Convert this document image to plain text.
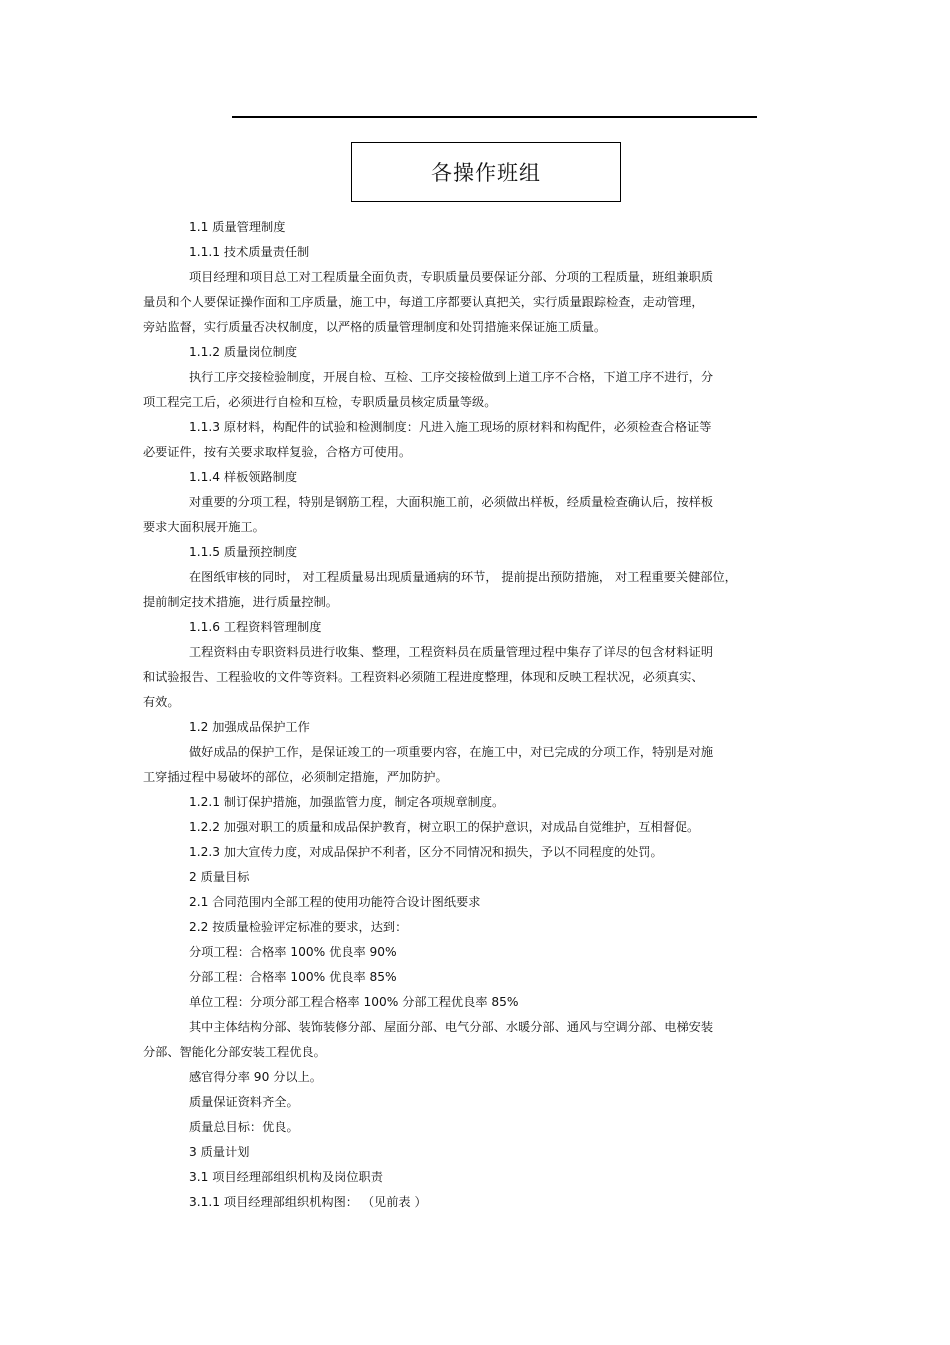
各操作班组
1.1 质量管理制度
1.1.1 技术质量责任制
项目经理和项目总工对工程质量全面负责，专职质量员要保证分部、分项的工程质量，班组兼职质
量员和个人要保证操作面和工序质量，施工中，每道工序都要认真把关，实行质量跟踪检查，走动管理，
旁站监督，实行质量否决权制度，以严格的质量管理制度和处罚措施来保证施工质量。
1.1.2 质量岗位制度
执行工序交接检验制度，开展自检、互检、工序交接检做到上道工序不合格，下道工序不进行，分
项工程完工后，必须进行自检和互检，专职质量员核定质量等级。
1.1.3 原材料，构配件的试验和检测制度：凡进入施工现场的原材料和构配件，必须检查合格证等
必要证件，按有关要求取样复验，合格方可使用。
1.1.4 样板领路制度
对重要的分项工程，特别是钢筋工程，大面积施工前，必须做出样板，经质量检查确认后，按样板
要求大面积展开施工。
1.1.5 质量预控制度
在图纸审核的同时， 对工程质量易出现质量通病的环节， 提前提出预防措施， 对工程重要关健部位，
提前制定技术措施，进行质量控制。
1.1.6 工程资料管理制度
工程资料由专职资料员进行收集、整理，工程资料员在质量管理过程中集存了详尽的包含材料证明
和试验报告、工程验收的文件等资料。工程资料必须随工程进度整理，体现和反映工程状况，必须真实、
有效。
1.2 加强成品保护工作
做好成品的保护工作，是保证竣工的一项重要内容，在施工中，对已完成的分项工作，特别是对施
工穿插过程中易破坏的部位，必须制定措施，严加防护。
1.2.1 制订保护措施，加强监管力度，制定各项规章制度。
1.2.2 加强对职工的质量和成品保护教育，树立职工的保护意识，对成品自觉维护，互相督促。
1.2.3 加大宣传力度，对成品保护不利者，区分不同情况和损失，予以不同程度的处罚。
2 质量目标
2.1 合同范围内全部工程的使用功能符合设计图纸要求
2.2 按质量检验评定标准的要求，达到：
分项工程：合格率 100% 优良率 90%
分部工程：合格率 100% 优良率 85%
单位工程：分项分部工程合格率 100% 分部工程优良率 85%
其中主体结构分部、装饰装修分部、屋面分部、电气分部、水暖分部、通风与空调分部、电梯安装
分部、智能化分部安装工程优良。
感官得分率 90 分以上。
质量保证资料齐全。
质量总目标：优良。
3 质量计划
3.1 项目经理部组织机构及岗位职责
3.1.1 项目经理部组织机构图： （见前表 ）
